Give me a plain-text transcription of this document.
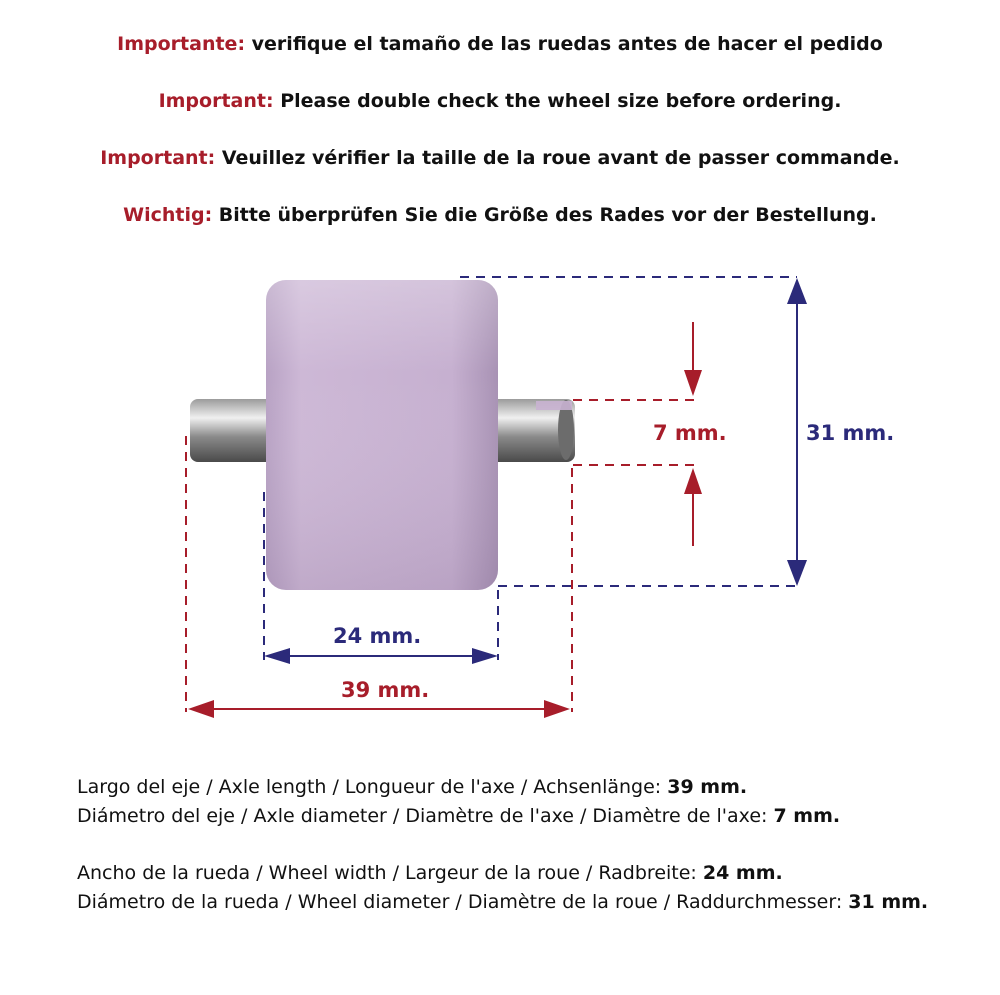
Importante: verifique el tamaño de las ruedas antes de hacer el pedido
Important: Please double check the wheel size before ordering.
Important: Veuillez vérifier la taille de la roue avant de passer commande.
Wichtig: Bitte überprüfen Sie die Größe des Rades vor der Bestellung.
7 mm.	31 mm.
24 mm.
39 mm.
Largo del eje / Axle length / Longueur de l'axe / Achsenlänge: 39 mm.
Diámetro del eje / Axle diameter / Diamètre de l'axe / Diamètre de l'axe: 7 mm.
Ancho de la rueda / Wheel width / Largeur de la roue / Radbreite: 24 mm.
Diámetro de la rueda / Wheel diameter / Diamètre de la roue / Raddurchmesser: 31 mm.
